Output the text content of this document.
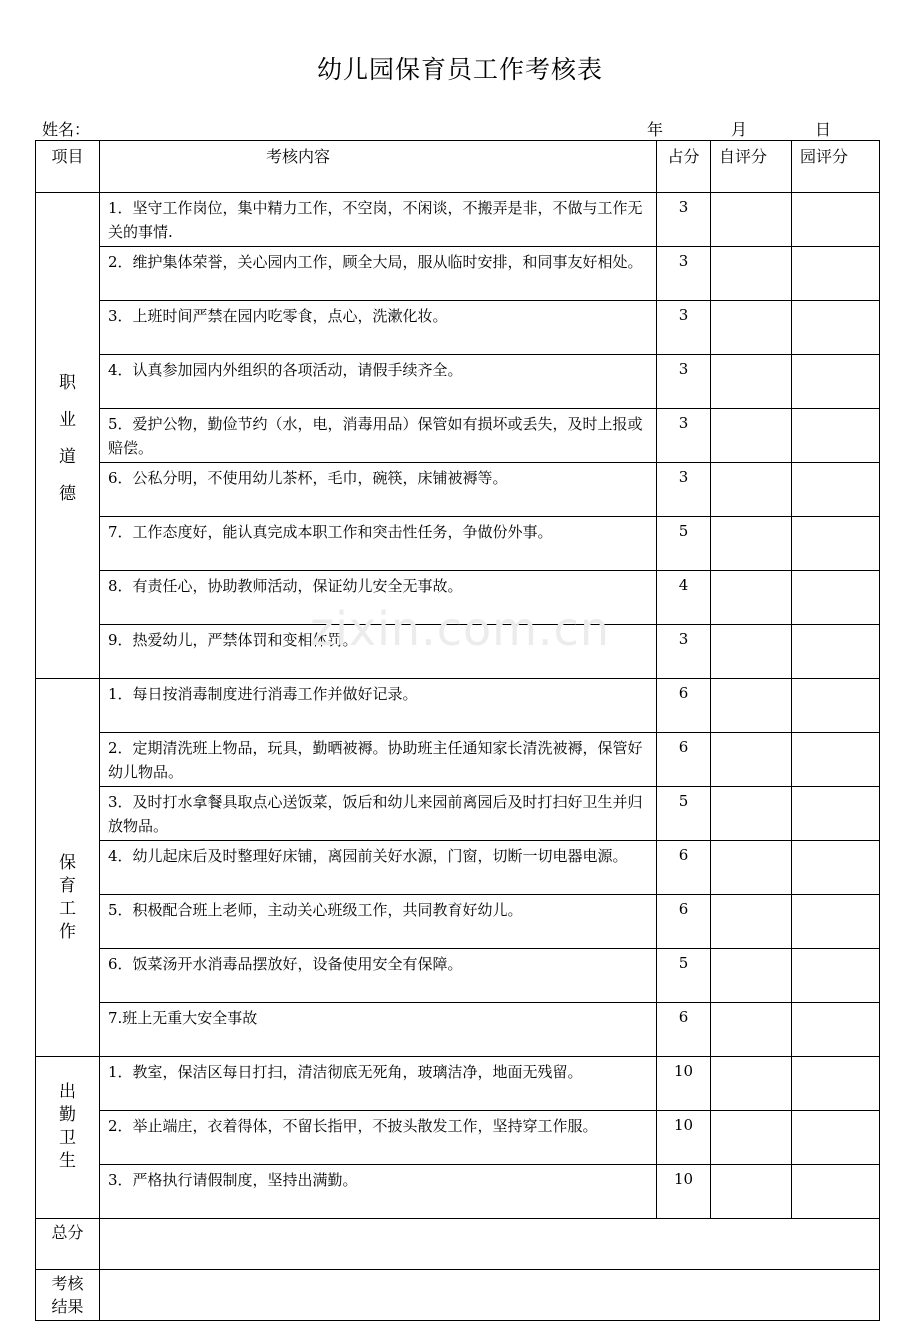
幼儿园保育员工作考核表
姓名：	年	月	日
项目	考核内容	占分	自评分	园评分

职
业
道
德	1．坚守工作岗位，集中精力工作，不空岗，不闲谈，不搬弄是非，不做与工作无关的事情.	3		
	2．维护集体荣誉，关心园内工作，顾全大局，服从临时安排，和同事友好相处。	3		
	3．上班时间严禁在园内吃零食，点心，洗漱化妆。	3		
	4．认真参加园内外组织的各项活动，请假手续齐全。	3		
	5．爱护公物，勤俭节约（水，电，消毒用品）保管如有损坏或丢失，及时上报或赔偿。	3		
	6．公私分明，不使用幼儿茶杯，毛巾，碗筷，床铺被褥等。	3		
	7．工作态度好，能认真完成本职工作和突击性任务，争做份外事。	5		
	8．有责任心，协助教师活动，保证幼儿安全无事故。	4		
	9．热爱幼儿，严禁体罚和变相体罚。	3		

保
育
工
作	1．每日按消毒制度进行消毒工作并做好记录。	6		
	2．定期清洗班上物品，玩具，勤晒被褥。协助班主任通知家长清洗被褥，保管好幼儿物品。	6		
	3．及时打水拿餐具取点心送饭菜，饭后和幼儿来园前离园后及时打扫好卫生并归放物品。	5		
	4．幼儿起床后及时整理好床铺，离园前关好水源，门窗，切断一切电器电源。	6		
	5．积极配合班上老师，主动关心班级工作，共同教育好幼儿。	6		
	6．饭菜汤开水消毒品摆放好，设备使用安全有保障。	5		
	7.班上无重大安全事故	6		

出
勤
卫
生	1．教室，保洁区每日打扫，清洁彻底无死角，玻璃洁净，地面无残留。	10		
	2．举止端庄，衣着得体，不留长指甲，不披头散发工作，坚持穿工作服。	10		
	3．严格执行请假制度，坚持出满勤。	10		
总分				

考核
结果				

zixin.com.cn
